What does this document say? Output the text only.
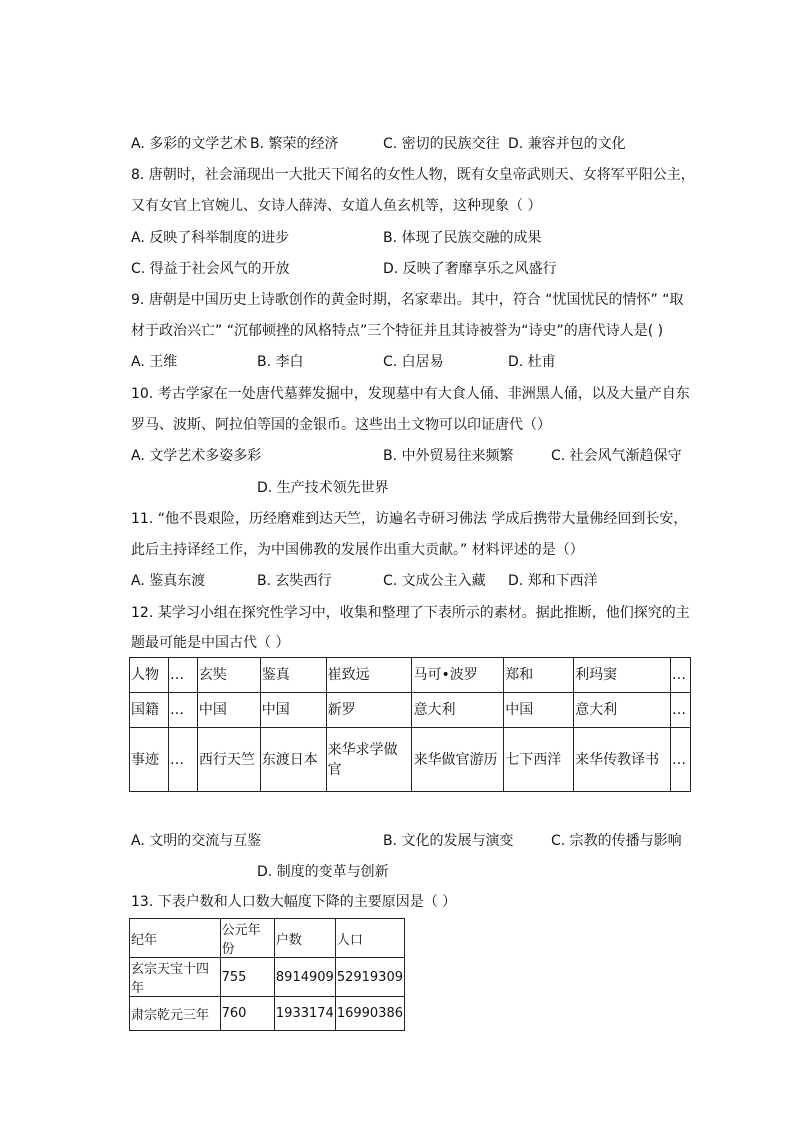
A. 多彩的文学艺术 B. 繁荣的经济	C. 密切的民族交往 D. 兼容并包的文化
8. 唐朝时，社会涌现出一大批天下闻名的女性人物，既有女皇帝武则天、女将军平阳公主，
又有女官上官婉儿、女诗人薛涛、女道人鱼玄机等，这种现象（ ）
A. 反映了科举制度的进步	B. 体现了民族交融的成果
C. 得益于社会风气的开放	D. 反映了奢靡享乐之风盛行
9. 唐朝是中国历史上诗歌创作的黄金时期，名家辈出。其中，符合 “忧国忧民的情怀” “取
材于政治兴亡” “沉郁顿挫的风格特点”三个特征并且其诗被誉为“诗史”的唐代诗人是( )
A. 王维	B. 李白	C. 白居易	D. 杜甫
10. 考古学家在一处唐代墓葬发掘中，发现墓中有大食人俑、非洲黑人俑，以及大量产自东
罗马、波斯、阿拉伯等国的金银币。这些出土文物可以印证唐代（）
A. 文学艺术多姿多彩	B. 中外贸易往来频繁	C. 社会风气渐趋保守
D. 生产技术领先世界
11. “他不畏艰险，历经磨难到达天竺，访遍名寺研习佛法 学成后携带大量佛经回到长安，
此后主持译经工作，为中国佛教的发展作出重大贡献。” 材料评述的是（）
A. 鉴真东渡	B. 玄奘西行	C. 文成公主入藏 D. 郑和下西洋
12. 某学习小组在探究性学习中，收集和整理了下表所示的素材。据此推断，他们探究的主
题最可能是中国古代（ ）
人物	…	玄奘	鉴真	崔致远	马可•波罗	郑和	利玛窦	…
国籍	…	中国	中国	新罗	意大利	中国	意大利	…
事迹	…	西行天竺	东渡日本	来华求学做官	来华做官游历	七下西洋	来华传教译书	…
A. 文明的交流与互鉴	B. 文化的发展与演变	C. 宗教的传播与影响
D. 制度的变革与创新
13. 下表户数和人口数大幅度下降的主要原因是（ ）
纪年	公元年份	户数	人口
玄宗天宝十四年	755	8914909	52919309
肃宗乾元三年	760	1933174	16990386
